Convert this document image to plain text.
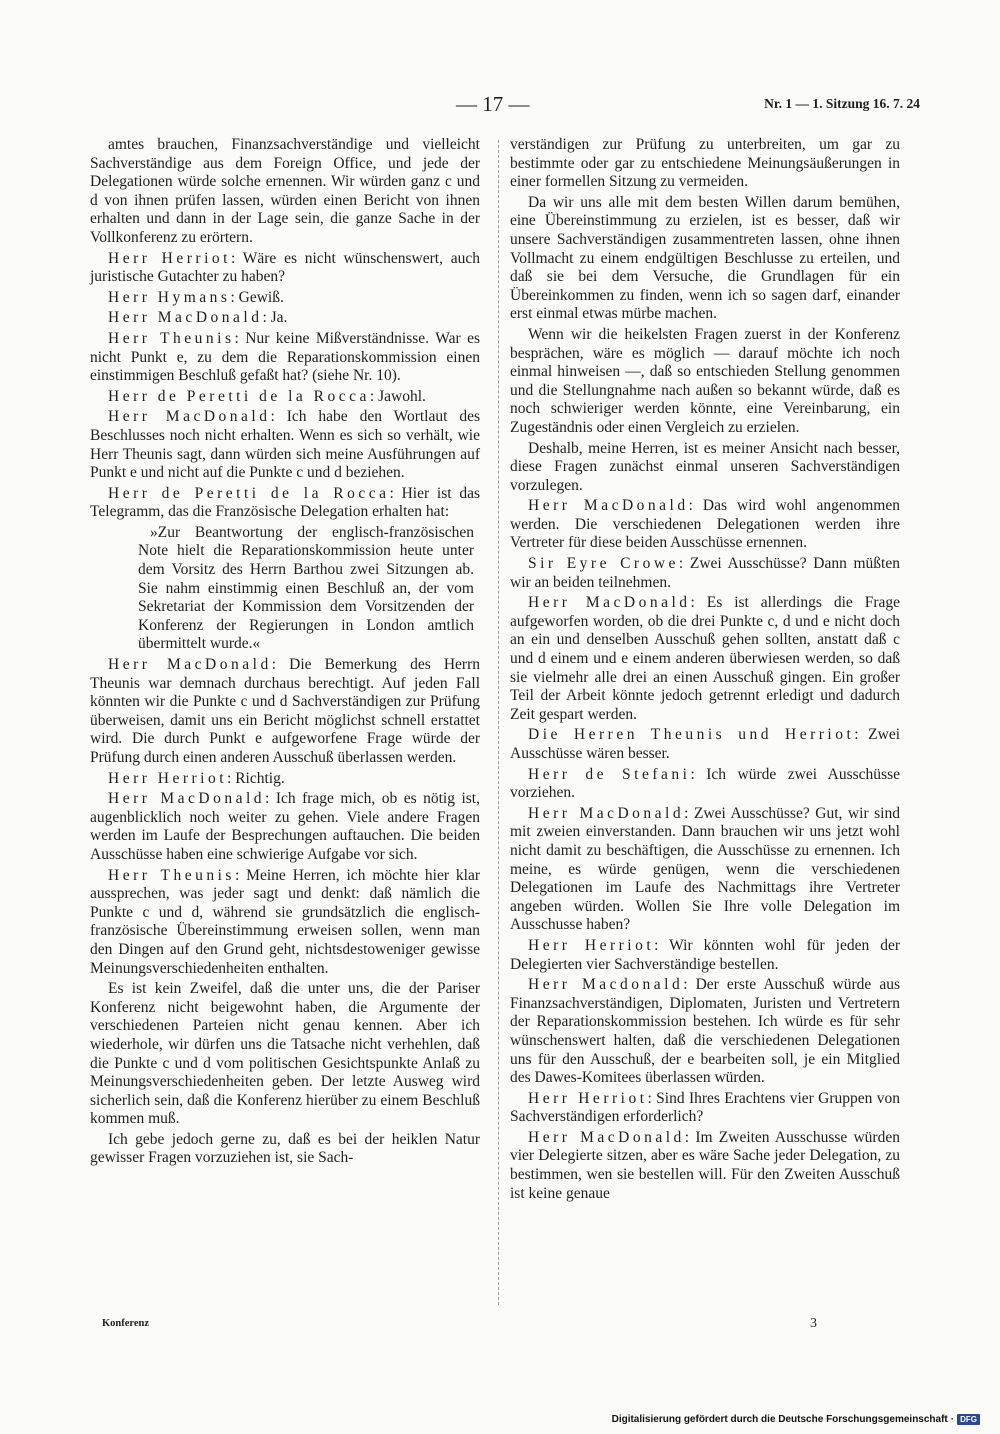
— 17 —	Nr. 1 — 1. Sitzung 16. 7. 24

amtes brauchen, Finanzsachverständige und vielleicht Sachverständige aus dem Foreign Office, und jede der Delegationen würde solche ernennen. Wir würden ganz c und d von ihnen prüfen lassen, würden einen Bericht von ihnen erhalten und dann in der Lage sein, die ganze Sache in der Vollkonferenz zu erörtern.

Herr Herriot: Wäre es nicht wünschenswert, auch juristische Gutachter zu haben?

Herr Hymans: Gewiß.

Herr MacDonald: Ja.

Herr Theunis: Nur keine Mißverständnisse. War es nicht Punkt e, zu dem die Reparationskommission einen einstimmigen Beschluß gefaßt hat? (siehe Nr. 10).

Herr de Peretti de la Rocca: Jawohl.

Herr MacDonald: Ich habe den Wortlaut des Beschlusses noch nicht erhalten. Wenn es sich so verhält, wie Herr Theunis sagt, dann würden sich meine Ausführungen auf Punkt e und nicht auf die Punkte c und d beziehen.

Herr de Peretti de la Rocca: Hier ist das Telegramm, das die Französische Delegation erhalten hat:

»Zur Beantwortung der englisch-französischen Note hielt die Reparationskommission heute unter dem Vorsitz des Herrn Barthou zwei Sitzungen ab. Sie nahm einstimmig einen Beschluß an, der vom Sekretariat der Kommission dem Vorsitzenden der Konferenz der Regierungen in London amtlich übermittelt wurde.«

Herr MacDonald: Die Bemerkung des Herrn Theunis war demnach durchaus berechtigt. Auf jeden Fall könnten wir die Punkte c und d Sachverständigen zur Prüfung überweisen, damit uns ein Bericht möglichst schnell erstattet wird. Die durch Punkt e aufgeworfene Frage würde der Prüfung durch einen anderen Ausschuß überlassen werden.

Herr Herriot: Richtig.

Herr MacDonald: Ich frage mich, ob es nötig ist, augenblicklich noch weiter zu gehen. Viele andere Fragen werden im Laufe der Besprechungen auftauchen. Die beiden Ausschüsse haben eine schwierige Aufgabe vor sich.

Herr Theunis: Meine Herren, ich möchte hier klar aussprechen, was jeder sagt und denkt: daß nämlich die Punkte c und d, während sie grundsätzlich die englisch-französische Übereinstimmung erweisen sollen, wenn man den Dingen auf den Grund geht, nichtsdestoweniger gewisse Meinungsverschiedenheiten enthalten.

Es ist kein Zweifel, daß die unter uns, die der Pariser Konferenz nicht beigewohnt haben, die Argumente der verschiedenen Parteien nicht genau kennen. Aber ich wiederhole, wir dürfen uns die Tatsache nicht verhehlen, daß die Punkte c und d vom politischen Gesichtspunkte Anlaß zu Meinungsverschiedenheiten geben. Der letzte Ausweg wird sicherlich sein, daß die Konferenz hierüber zu einem Beschluß kommen muß.

Ich gebe jedoch gerne zu, daß es bei der heiklen Natur gewisser Fragen vorzuziehen ist, sie Sach-

verständigen zur Prüfung zu unterbreiten, um gar zu bestimmte oder gar zu entschiedene Meinungsäußerungen in einer formellen Sitzung zu vermeiden.

Da wir uns alle mit dem besten Willen darum bemühen, eine Übereinstimmung zu erzielen, ist es besser, daß wir unsere Sachverständigen zusammentreten lassen, ohne ihnen Vollmacht zu einem endgültigen Beschlusse zu erteilen, und daß sie bei dem Versuche, die Grundlagen für ein Übereinkommen zu finden, wenn ich so sagen darf, einander erst einmal etwas mürbe machen.

Wenn wir die heikelsten Fragen zuerst in der Konferenz besprächen, wäre es möglich — darauf möchte ich noch einmal hinweisen —, daß so entschieden Stellung genommen und die Stellungnahme nach außen so bekannt würde, daß es noch schwieriger werden könnte, eine Vereinbarung, ein Zugeständnis oder einen Vergleich zu erzielen.

Deshalb, meine Herren, ist es meiner Ansicht nach besser, diese Fragen zunächst einmal unseren Sachverständigen vorzulegen.

Herr MacDonald: Das wird wohl angenommen werden. Die verschiedenen Delegationen werden ihre Vertreter für diese beiden Ausschüsse ernennen.

Sir Eyre Crowe: Zwei Ausschüsse? Dann müßten wir an beiden teilnehmen.

Herr MacDonald: Es ist allerdings die Frage aufgeworfen worden, ob die drei Punkte c, d und e nicht doch an ein und denselben Ausschuß gehen sollten, anstatt daß c und d einem und e einem anderen überwiesen werden, so daß sie vielmehr alle drei an einen Ausschuß gingen. Ein großer Teil der Arbeit könnte jedoch getrennt erledigt und dadurch Zeit gespart werden.

Die Herren Theunis und Herriot: Zwei Ausschüsse wären besser.

Herr de Stefani: Ich würde zwei Ausschüsse vorziehen.

Herr MacDonald: Zwei Ausschüsse? Gut, wir sind mit zweien einverstanden. Dann brauchen wir uns jetzt wohl nicht damit zu beschäftigen, die Ausschüsse zu ernennen. Ich meine, es würde genügen, wenn die verschiedenen Delegationen im Laufe des Nachmittags ihre Vertreter angeben würden. Wollen Sie Ihre volle Delegation im Ausschusse haben?

Herr Herriot: Wir könnten wohl für jeden der Delegierten vier Sachverständige bestellen.

Herr Macdonald: Der erste Ausschuß würde aus Finanzsachverständigen, Diplomaten, Juristen und Vertretern der Reparationskommission bestehen. Ich würde es für sehr wünschenswert halten, daß die verschiedenen Delegationen uns für den Ausschuß, der e bearbeiten soll, je ein Mitglied des Dawes-Komitees überlassen würden.

Herr Herriot: Sind Ihres Erachtens vier Gruppen von Sachverständigen erforderlich?

Herr MacDonald: Im Zweiten Ausschusse würden vier Delegierte sitzen, aber es wäre Sache jeder Delegation, zu bestimmen, wen sie bestellen will. Für den Zweiten Ausschuß ist keine genaue

Konferenz	3
Digitalisierung gefördert durch die Deutsche Forschungsgemeinschaft · DFG
